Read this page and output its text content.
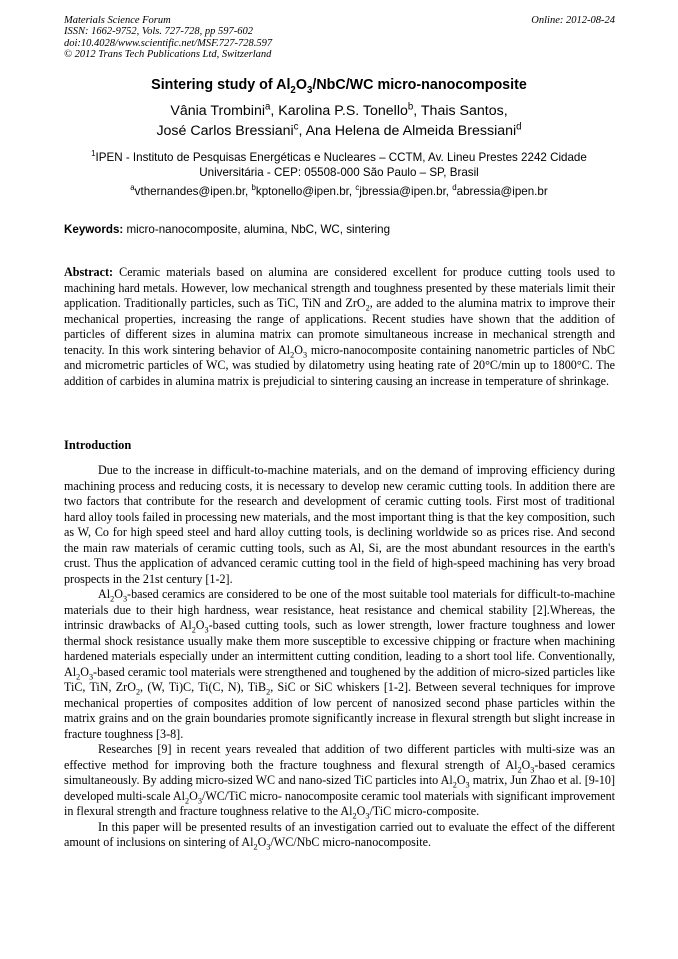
Materials Science Forum
ISSN: 1662-9752, Vols. 727-728, pp 597-602
doi:10.4028/www.scientific.net/MSF.727-728.597
© 2012 Trans Tech Publications Ltd, Switzerland
Online: 2012-08-24
Sintering study of $Al_2O_3/NbC/WC$ micro-nanocomposite
Vânia Trombini$^a$, Karolina P.S. Tonello$^b$, Thais Santos,
José Carlos Bressiani$^c$, Ana Helena de Almeida Bressiani$^d$
$^1$IPEN - Instituto de Pesquisas Energéticas e Nucleares – CCTM, Av. Lineu Prestes 2242 Cidade
Universitária - CEP: 05508-000 São Paulo – SP, Brasil
$^a$vthernandes@ipen.br, $^b$kptonello@ipen.br, $^c$jbressia@ipen.br, $^d$abressia@ipen.br
Keywords: micro-nanocomposite, alumina, NbC, WC, sintering
Abstract: Ceramic materials based on alumina are considered excellent for produce cutting tools used to machining hard metals. However, low mechanical strength and toughness presented by these materials limit their application. Traditionally particles, such as TiC, TiN and ZrO$_2$, are added to the alumina matrix to improve their mechanical properties, increasing the range of applications. Recent studies have shown that the addition of particles of different sizes in alumina matrix can promote simultaneous increase in mechanical strength and tenacity. In this work sintering behavior of $Al_2O_3$ micro-nanocomposite containing nanometric particles of NbC and micrometric particles of WC, was studied by dilatometry using heating rate of 20°C/min up to 1800°C. The addition of carbides in alumina matrix is prejudicial to sintering causing an increase in temperature of shrinkage.
Introduction

Due to the increase in difficult-to-machine materials, and on the demand of improving efficiency during machining process and reducing costs, it is necessary to develop new ceramic cutting tools. In addition there are two factors that contribute for the research and development of ceramic cutting tools. First most of traditional hard alloy tools failed in processing new materials, and the most important thing is that the key composition, such as W, Co for high speed steel and hard alloy cutting tools, is declining worldwide so as prices rise. And second the main raw materials of ceramic cutting tools, such as Al, Si, are the most abundant resources in the earth's crust. Thus the application of advanced ceramic cutting tool in the field of high-speed machining has very broad prospects in the 21st century [1-2].

$Al_2O_3$-based ceramics are considered to be one of the most suitable tool materials for difficult-to-machine materials due to their high hardness, wear resistance, heat resistance and chemical stability [2].Whereas, the intrinsic drawbacks of $Al_2O_3$-based cutting tools, such as lower strength, lower fracture toughness and lower thermal shock resistance usually make them more susceptible to excessive chipping or fracture when machining hardened materials especially under an intermittent cutting condition, leading to a short tool life. Conventionally, $Al_2O_3$-based ceramic tool materials were strengthened and toughened by the addition of micro-sized particles like TiC, TiN, ZrO$_2$, (W, Ti)C, Ti(C, N), TiB$_2$, SiC or SiC whiskers [1-2]. Between several techniques for improve mechanical properties of composites addition of low percent of nanosized second phase particles within the matrix grains and on the grain boundaries promote significantly increase in flexural strength but slight increase in fracture toughness [3-8].

Researches [9] in recent years revealed that addition of two different particles with multi-size was an effective method for improving both the fracture toughness and flexural strength of $Al_2O_3$-based ceramics simultaneously. By adding micro-sized WC and nano-sized TiC particles into $Al_2O_3$ matrix, Jun Zhao et al. [9-10] developed multi-scale $Al_2O_3/WC$/TiC micro- nanocomposite ceramic tool materials with significant improvement in flexural strength and fracture toughness relative to the $Al_2O_3$/TiC micro-composite.

In this paper will be presented results of an investigation carried out to evaluate the effect of the different amount of inclusions on sintering of $Al_2O_3/WC$/NbC micro-nanocomposite.
